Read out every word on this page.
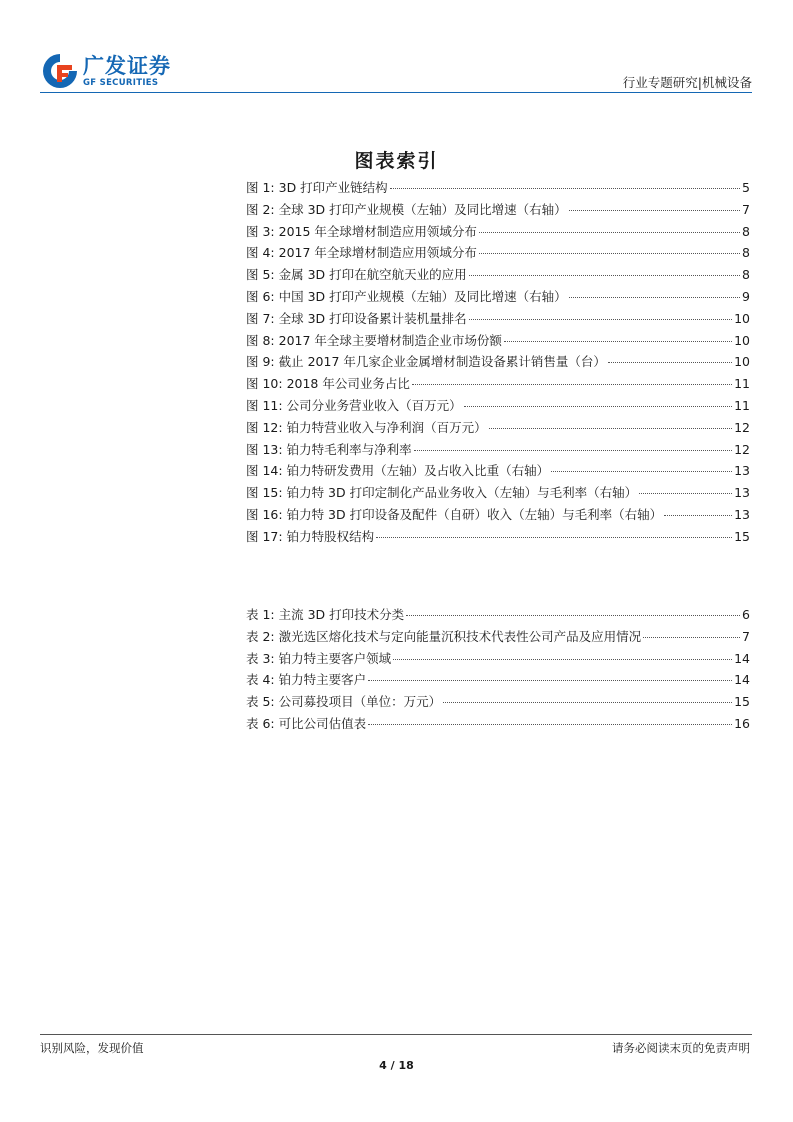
广发证券
GF SECURITIES	行业专题研究|机械设备
图表索引
图 1: 3D 打印产业链结构	5
图 2: 全球 3D 打印产业规模（左轴）及同比增速（右轴）	7
图 3: 2015 年全球增材制造应用领域分布	8
图 4: 2017 年全球增材制造应用领域分布	8
图 5: 金属 3D 打印在航空航天业的应用	8
图 6: 中国 3D 打印产业规模（左轴）及同比增速（右轴）	9
图 7: 全球 3D 打印设备累计装机量排名	10
图 8: 2017 年全球主要增材制造企业市场份额	10
图 9: 截止 2017 年几家企业金属增材制造设备累计销售量（台）	10
图 10: 2018 年公司业务占比	11
图 11: 公司分业务营业收入（百万元）	11
图 12: 铂力特营业收入与净利润（百万元）	12
图 13: 铂力特毛利率与净利率	12
图 14: 铂力特研发费用（左轴）及占收入比重（右轴）	13
图 15: 铂力特 3D 打印定制化产品业务收入（左轴）与毛利率（右轴）	13
图 16: 铂力特 3D 打印设备及配件（自研）收入（左轴）与毛利率（右轴）	13
图 17: 铂力特股权结构	15
表 1: 主流 3D 打印技术分类	6
表 2: 激光选区熔化技术与定向能量沉积技术代表性公司产品及应用情况	7
表 3: 铂力特主要客户领域	14
表 4: 铂力特主要客户	14
表 5: 公司募投项目（单位：万元）	15
表 6: 可比公司估值表	16
识别风险，发现价值	请务必阅读末页的免责声明
4 / 18
